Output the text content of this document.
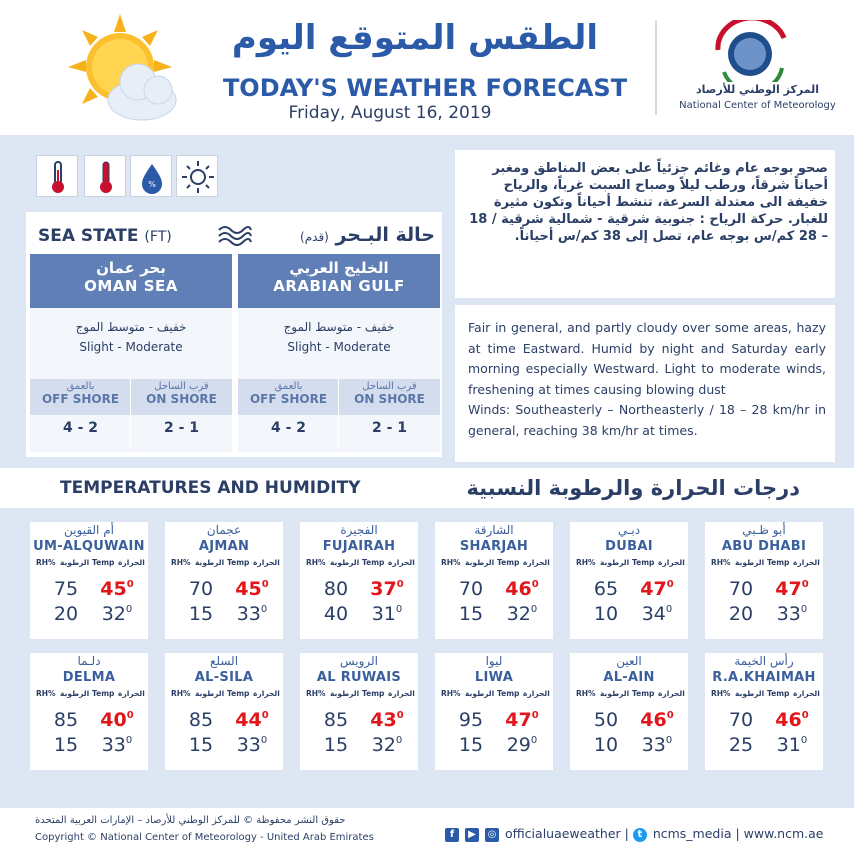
الطقس المتوقع اليوم
TODAY'S WEATHER FORECAST
Friday, August 16, 2019
المركز الوطني للأرصاد
National Center of Meteorology
%
SEA STATE (FT)	حالة البـحر (قدم)
بحر عمان
OMAN SEA
خفيف - متوسط الموج
Slight - Moderate
بالعمق
OFF SHORE
قرب الساحل
ON SHORE
4 - 2	2 - 1
الخليج العربي
ARABIAN GULF
خفيف - متوسط الموج
Slight - Moderate
بالعمق
OFF SHORE
قرب الساحل
ON SHORE
4 - 2	2 - 1
صحو بوجه عام وغائم جزئياً على بعض المناطق ومغبر أحياناً شرقاً، ورطب ليلاً وصباح السبت غرباً، والرياح خفيفة الى معتدلة السرعة، تنشط أحياناً وتكون مثيرة للغبار. حركة الرياح : جنوبية شرقية - شمالية شرقية / 18 – 28 كم/س بوجه عام، تصل إلى 38 كم/س أحياناً.
Fair in general, and partly cloudy over some areas, hazy at time Eastward. Humid by night and Saturday early morning especially Westward. Light to moderate winds, freshening at times causing blowing dust
Winds: Southeasterly – Northeasterly / 18 – 28 km/hr in general, reaching 38 km/hr at times.
TEMPERATURES AND HUMIDITY	درجات الحرارة والرطوبة النسبية
أم القيوين
UM-ALQUWAIN
RH% الرطوبة Temp الحرارة
75	$45^0$
20	$32^0$
عجمان
AJMAN
RH% الرطوبة Temp الحرارة
70	$45^0$
15	$33^0$
الفجيرة
FUJAIRAH
RH% الرطوبة Temp الحرارة
80	$37^0$
40	$31^0$
الشارقة
SHARJAH
RH% الرطوبة Temp الحرارة
70	$46^0$
15	$32^0$
دبـي
DUBAI
RH% الرطوبة Temp الحرارة
65	$47^0$
10	$34^0$
أبو ظـبي
ABU DHABI
RH% الرطوبة Temp الحرارة
70	$47^0$
20	$33^0$
دلـما
DELMA
RH% الرطوبة Temp الحرارة
85	$40^0$
15	$33^0$
السلع
AL-SILA
RH% الرطوبة Temp الحرارة
85	$44^0$
15	$33^0$
الرويس
AL RUWAIS
RH% الرطوبة Temp الحرارة
85	$43^0$
15	$32^0$
ليوا
LIWA
RH% الرطوبة Temp الحرارة
95	$47^0$
15	$29^0$
العين
AL-AIN
RH% الرطوبة Temp الحرارة
50	$46^0$
10	$33^0$
رأس الخيمة
R.A.KHAIMAH
RH% الرطوبة Temp الحرارة
70	$46^0$
25	$31^0$
حقوق النشر محفوظة © للمركز الوطني للأرصاد – الإمارات العربية المتحدة
Copyright © National Center of Meteorology - United Arab Emirates	f ▶ ◎ officialuaeweather | t ncms_media | www.ncm.ae
